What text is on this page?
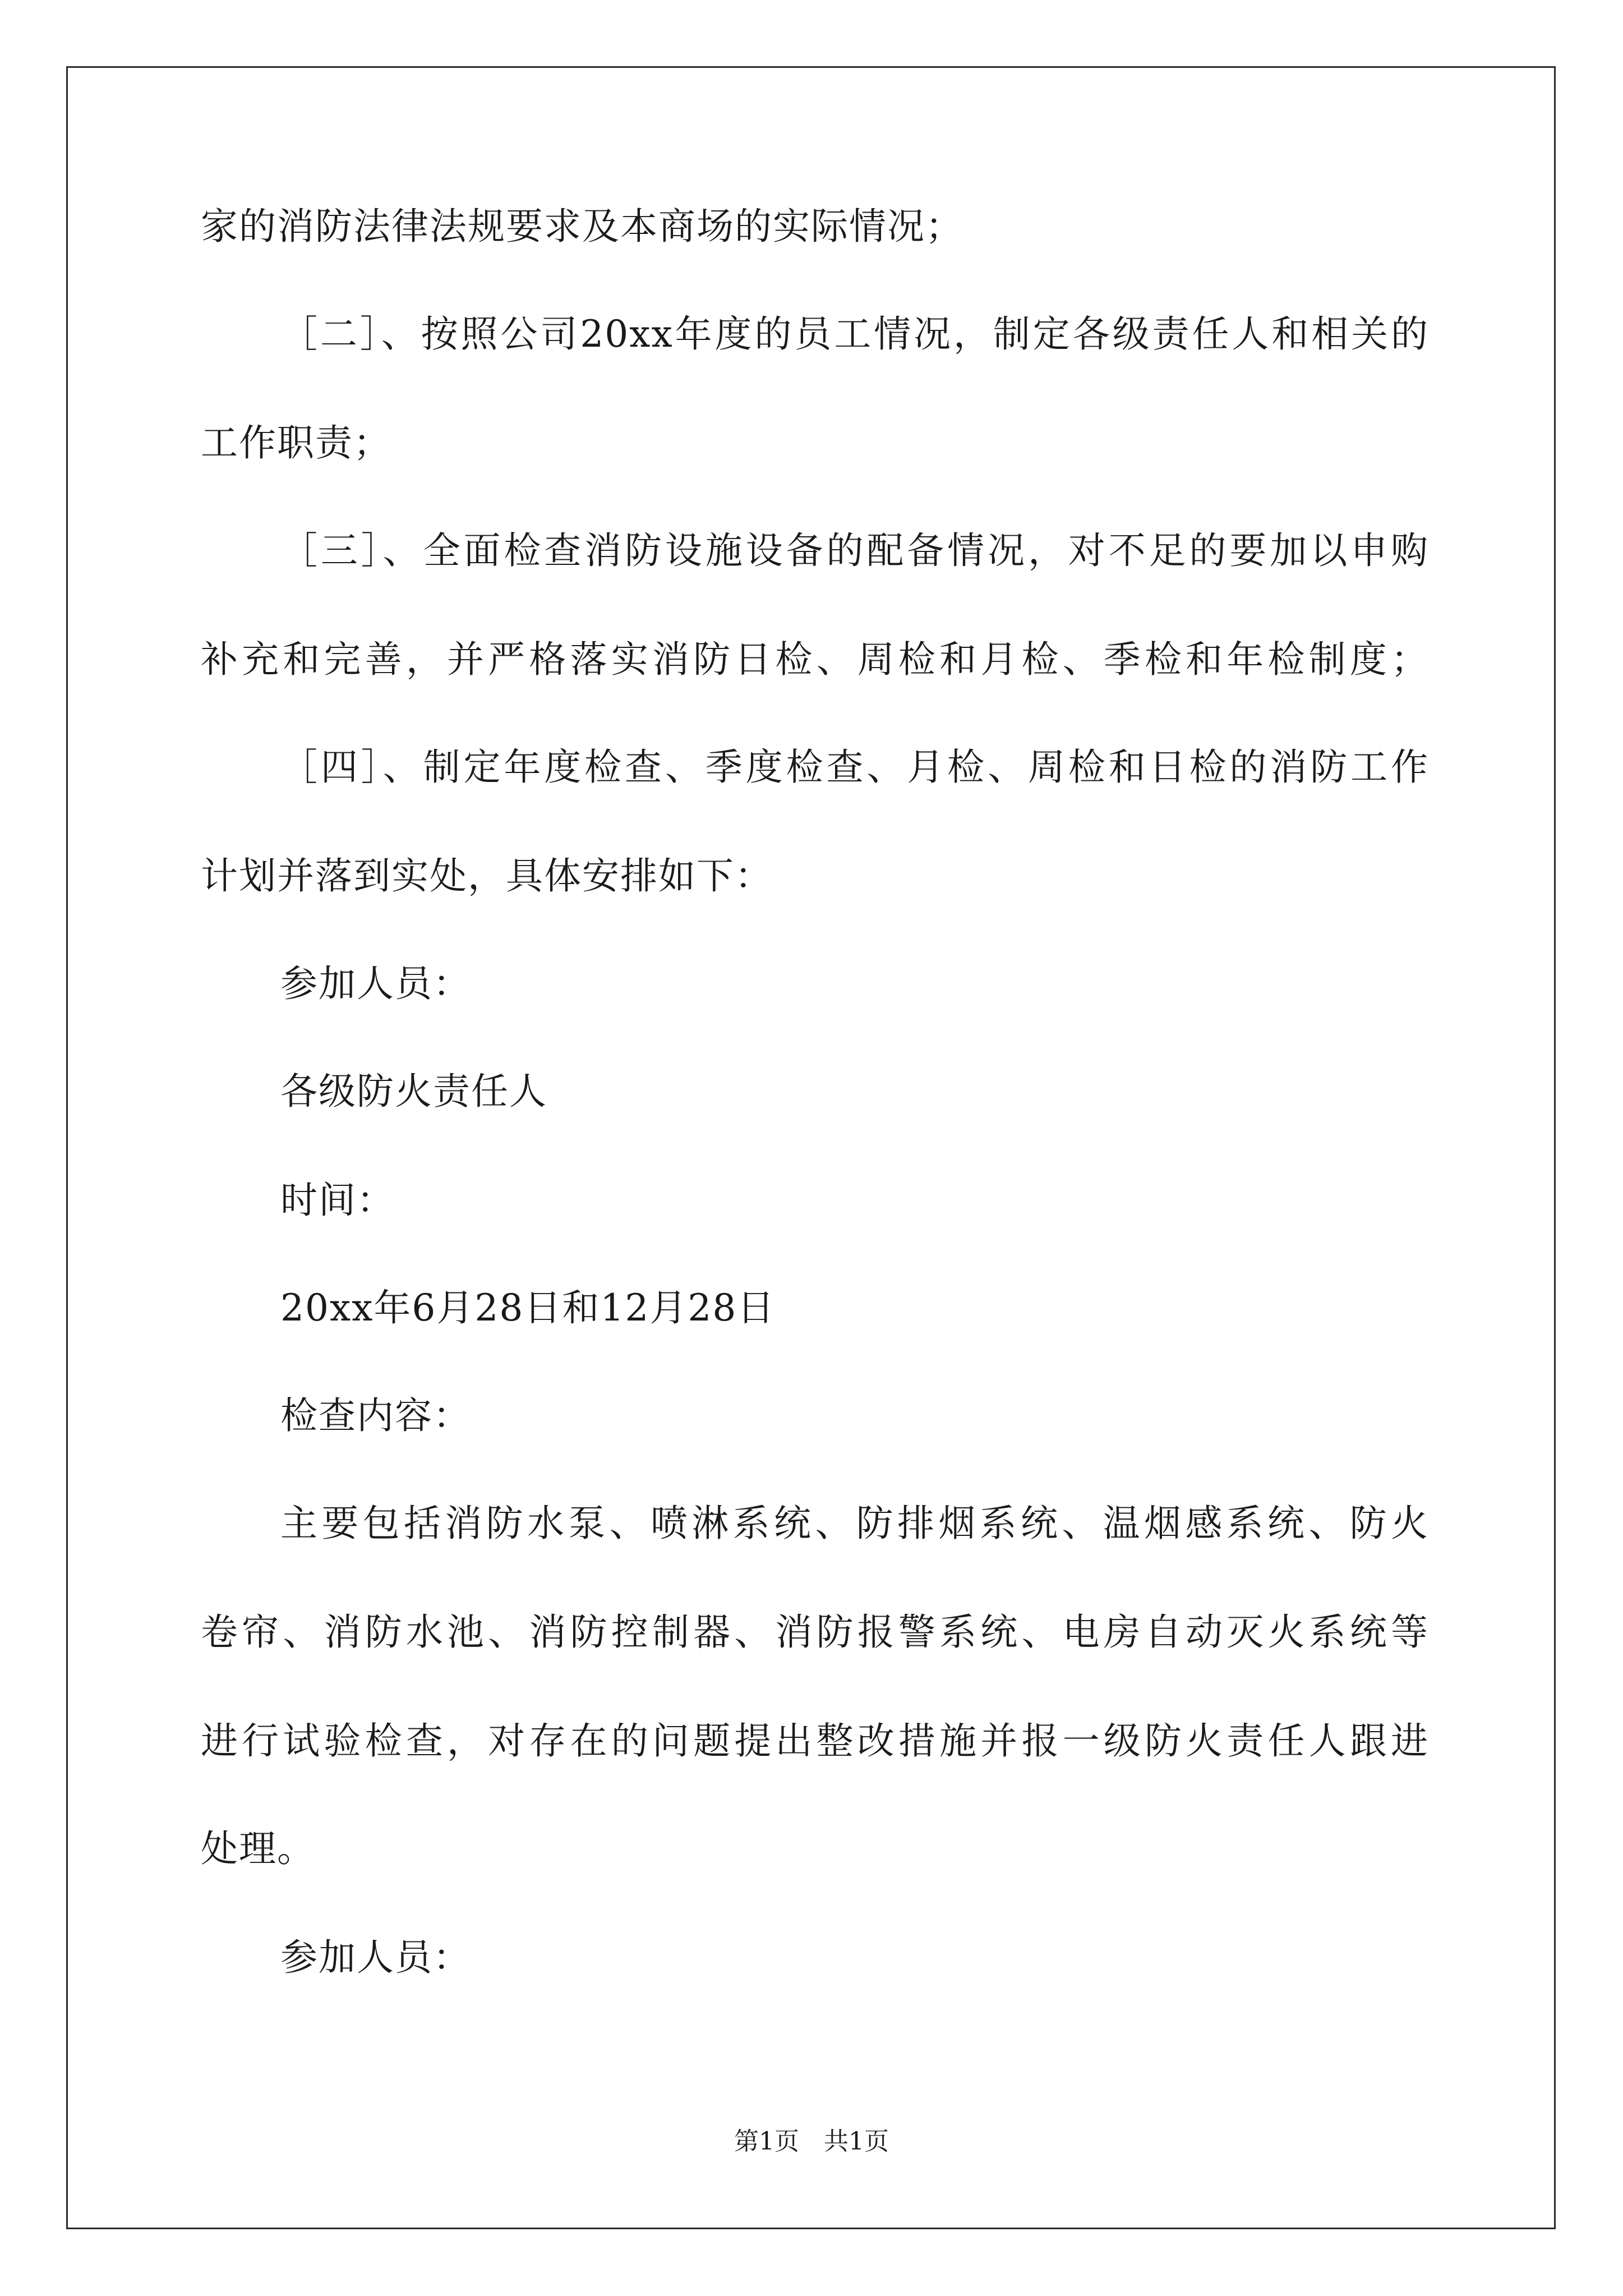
家的消防法律法规要求及本商场的实际情况；
［二］、按照公司20xx年度的员工情况，制定各级责任人和相关的
工作职责；
［三］、全面检查消防设施设备的配备情况，对不足的要加以申购
补充和完善，并严格落实消防日检、周检和月检、季检和年检制度；
［四］、制定年度检查、季度检查、月检、周检和日检的消防工作
计划并落到实处，具体安排如下：
参加人员：
各级防火责任人
时间：
20xx年6月28日和12月28日
检查内容：
主要包括消防水泵、喷淋系统、防排烟系统、温烟感系统、防火
卷帘、消防水池、消防控制器、消防报警系统、电房自动灭火系统等
进行试验检查，对存在的问题提出整改措施并报一级防火责任人跟进
处理。
参加人员：
第1页　共1页
